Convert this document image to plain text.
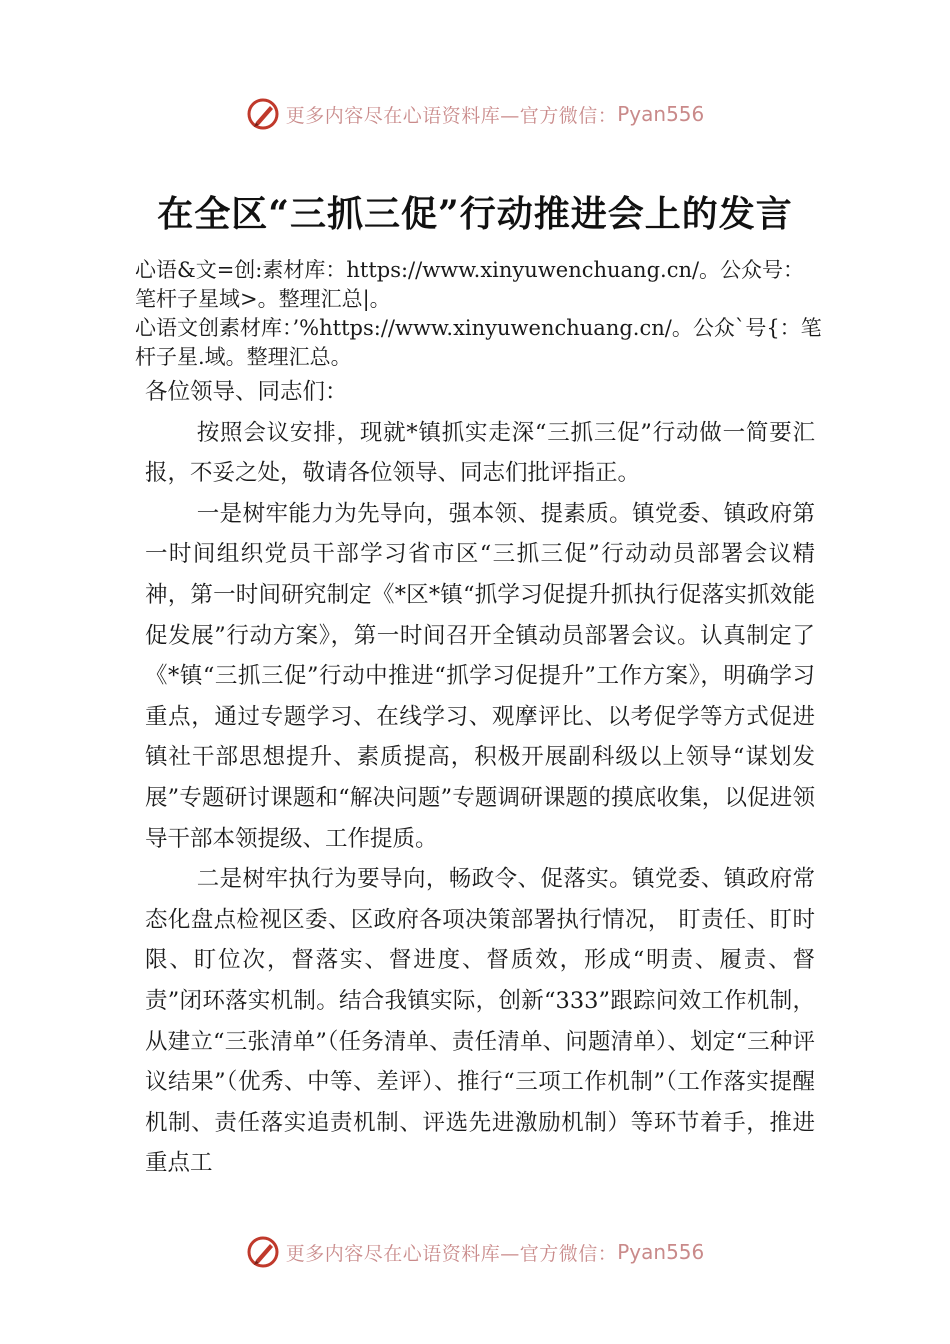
更多内容尽在心语资料库—官方微信： Pyan556
在全区“三抓三促”行动推进会上的发言
心语&文=创:素材库：https://www.xinyuwenchuang.cn/。公众号：笔杆子星域>。整理汇总|。
心语文创素材库：’%https://www.xinyuwenchuang.cn/。公众`号{：笔杆子星.域。整理汇总。

各位领导、同志们：

按照会议安排，现就*镇抓实走深“三抓三促”行动做一简要汇报，不妥之处，敬请各位领导、同志们批评指正。

一是树牢能力为先导向，强本领、提素质。镇党委、镇政府第一时间组织党员干部学习省市区“三抓三促”行动动员部署会议精神，第一时间研究制定《*区*镇“抓学习促提升抓执行促落实抓效能促发展”行动方案》，第一时间召开全镇动员部署会议。认真制定了《*镇“三抓三促”行动中推进“抓学习促提升”工作方案》，明确学习重点，通过专题学习、在线学习、观摩评比、以考促学等方式促进镇社干部思想提升、素质提高，积极开展副科级以上领导“谋划发展”专题研讨课题和“解决问题”专题调研课题的摸底收集，以促进领导干部本领提级、工作提质。

二是树牢执行为要导向，畅政令、促落实。镇党委、镇政府常态化盘点检视区委、区政府各项决策部署执行情况， 盯责任、盯时限、盯位次，督落实、督进度、督质效，形成“明责、履责、督责”闭环落实机制。结合我镇实际，创新“333”跟踪问效工作机制，从建立“三张清单”（任务清单、责任清单、问题清单）、划定“三种评议结果”（优秀、中等、差评）、推行“三项工作机制”（工作落实提醒机制、责任落实追责机制、评选先进激励机制）等环节着手，推进重点工

更多内容尽在心语资料库—官方微信： Pyan556
